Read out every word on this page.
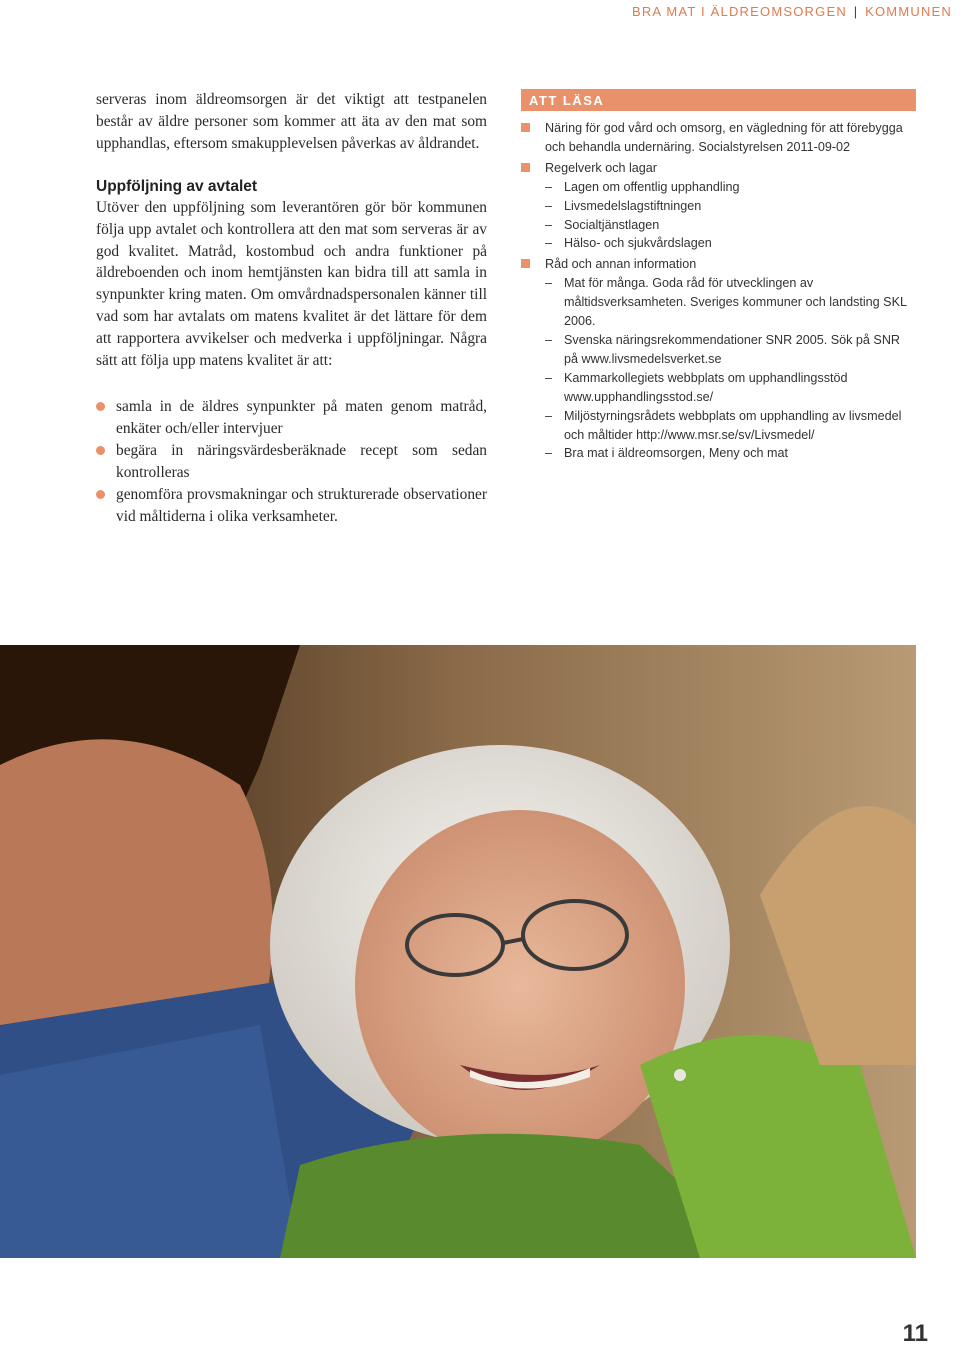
BRA MAT I ÄLDREOMSORGEN | KOMMUNEN

serveras inom äldreomsorgen är det viktigt att testpanelen består av äldre personer som kommer att äta av den mat som upphandlas, eftersom smakupplevelsen påverkas av åldrandet.

Uppföljning av avtalet

Utöver den uppföljning som leverantören gör bör kommunen följa upp avtalet och kontrollera att den mat som serveras är av god kvalitet. Matråd, kostombud och andra funktioner på äldreboenden och inom hemtjänsten kan bidra till att samla in synpunkter kring maten. Om omvårdnadspersonalen känner till vad som har avtalats om matens kvalitet är det lättare för dem att rapportera avvikelser och medverka i uppföljningar. Några sätt att följa upp matens kvalitet är att:

samla in de äldres synpunkter på maten genom matråd, enkäter och/eller intervjuer
begära in näringsvärdesberäknade recept som sedan kontrolleras
genomföra provsmakningar och strukturerade observationer vid måltiderna i olika verksamheter.
ATT LÄSA
Näring för god vård och omsorg, en vägledning för att förebygga och behandla undernäring. Socialstyrelsen 2011-09-02
Regelverk och lagar
– Lagen om offentlig upphandling
– Livsmedelslagstiftningen
– Socialtjänstlagen
– Hälso- och sjukvårdslagen
Råd och annan information
– Mat för många. Goda råd för utvecklingen av måltidsverksamheten. Sveriges kommuner och landsting SKL 2006.
– Svenska näringsrekommendationer SNR 2005. Sök på SNR på www.livsmedelsverket.se
– Kammarkollegiets webbplats om upphandlingsstöd www.upphandlingsstod.se/
– Miljöstyrningsrådets webbplats om upphandling av livsmedel och måltider http://www.msr.se/sv/Livsmedel/
– Bra mat i äldreomsorgen, Meny och mat
11
